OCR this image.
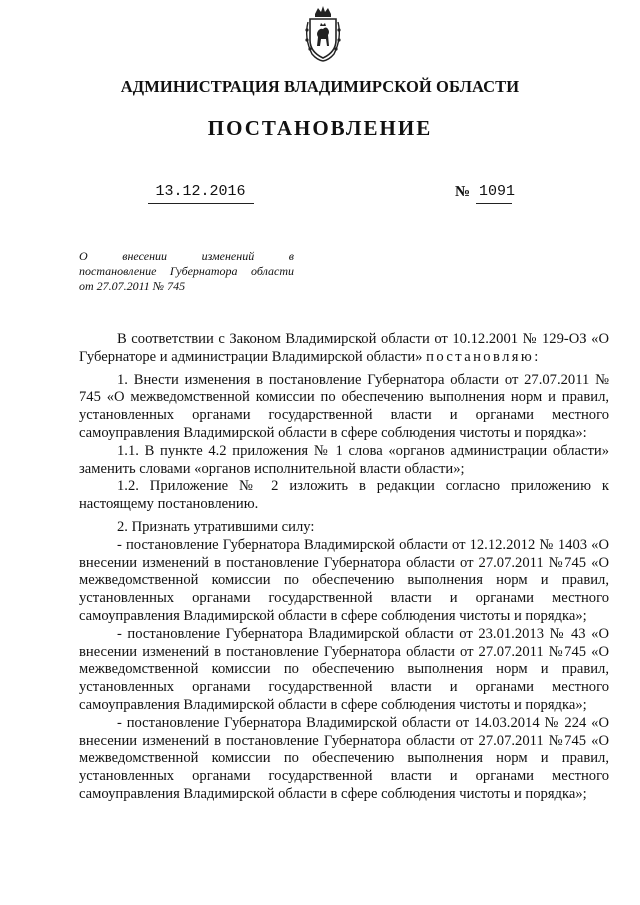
АДМИНИСТРАЦИЯ ВЛАДИМИРСКОЙ ОБЛАСТИ
ПОСТАНОВЛЕНИЕ
13.12.2016	№ 1091
О внесении изменений в
постановление Губернатора области
от 27.07.2011 № 745

В соответствии с Законом Владимирской области от 10.12.2001 № 129-ОЗ «О Губернаторе и администрации Владимирской области» постановляю:

1. Внести изменения в постановление Губернатора области от 27.07.2011 № 745 «О межведомственной комиссии по обеспечению выполнения норм и правил, установленных органами государственной власти и органами местного самоуправления Владимирской области в сфере соблюдения чистоты и порядка»:

1.1. В пункте 4.2 приложения № 1 слова «органов администрации области» заменить словами «органов исполнительной власти области»;

1.2. Приложение № 2 изложить в редакции согласно приложению к настоящему постановлению.

2. Признать утратившими силу:

- постановление Губернатора Владимирской области от 12.12.2012 № 1403 «О внесении изменений в постановление Губернатора области от 27.07.2011 №745 «О межведомственной комиссии по обеспечению выполнения норм и правил, установленных органами государственной власти и органами местного самоуправления Владимирской области в сфере соблюдения чистоты и порядка»;

- постановление Губернатора Владимирской области от 23.01.2013 № 43 «О внесении изменений в постановление Губернатора области от 27.07.2011 №745 «О межведомственной комиссии по обеспечению выполнения норм и правил, установленных органами государственной власти и органами местного самоуправления Владимирской области в сфере соблюдения чистоты и порядка»;

- постановление Губернатора Владимирской области от 14.03.2014 № 224 «О внесении изменений в постановление Губернатора области от 27.07.2011 №745 «О межведомственной комиссии по обеспечению выполнения норм и правил, установленных органами государственной власти и органами местного самоуправления Владимирской области в сфере соблюдения чистоты и порядка»;
